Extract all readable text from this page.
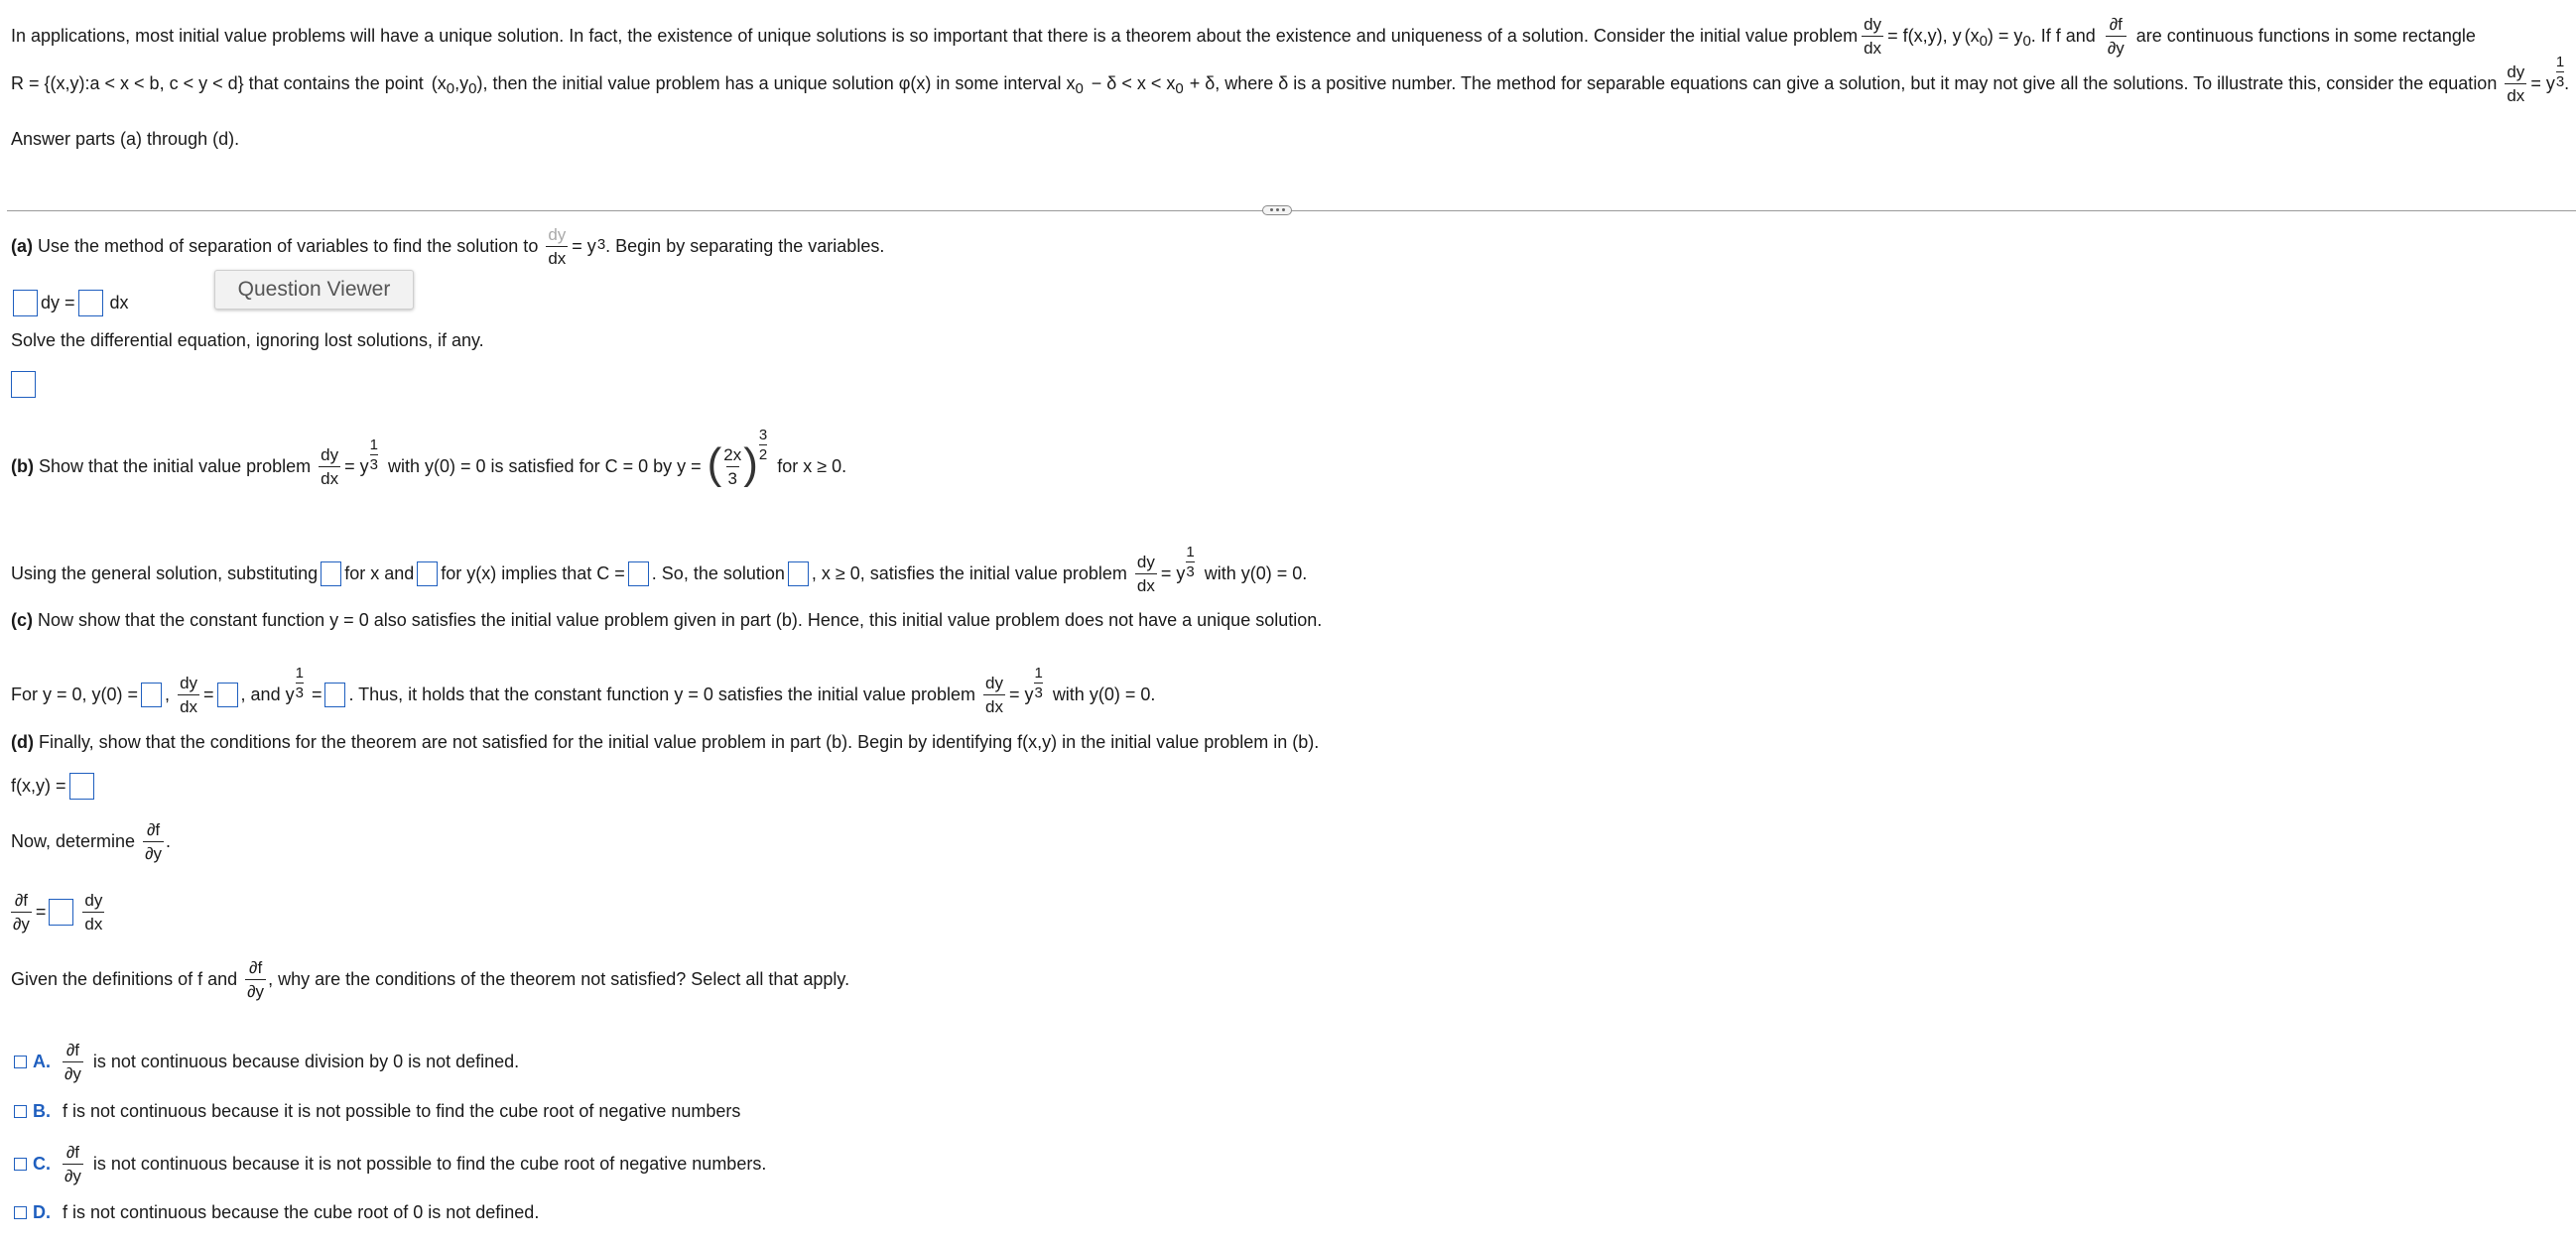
In applications, most initial value problems will have a unique solution. In fact, the existence of unique solutions is so important that there is a theorem about the existence and uniqueness of a solution. Consider the initial value problem $\frac{dy}{dx} = f(x,y)$, y (x 0 ) = y 0 . If f and $\frac{\partial f}{\partial y}$ are continuous functions in some rectangle
R = {(x,y):a < x < b, c < y < d} that contains the point (x 0 ,y 0 ) , then the initial value problem has a unique solution φ(x) in some interval x 0 − δ < x < x 0 + δ, where δ is a positive number. The method for separable equations can give a solution, but it may not give all the solutions. To illustrate this, consider the equation $\frac{dy}{dx} = y \frac{1}{3}$ .
Answer parts (a) through (d).
(a)
Use the method of separation of variables to find the solution to $\frac{dy}{dx} = y$ 3 . Begin by separating the variables.
Question Viewer
dy = dx
Solve the differential equation, ignoring lost solutions, if any.
(b)
Show that the initial value problem $\frac{dy}{dx} = y \frac{1}{3}$ with y(0) = 0 is satisfied for C = 0 by y = ( $\frac{2x}{3}$ ) $\frac{3}{2}$
for x ≥ 0.
Using the general solution, substituting for x and for y(x) implies that C = . So, the solution , x ≥ 0, satisfies the initial value problem $\frac{dy}{dx} = y \frac{1}{3}$ with y(0) = 0.
(c)
Now show that the constant function y = 0 also satisfies the initial value problem given in part (b). Hence, this initial value problem does not have a unique solution.
For y = 0, y(0) = , $\frac{dy}{dx}$ = , and y $\frac{1}{3}$ = . Thus, it holds that the constant function y = 0 satisfies the initial value problem $\frac{dy}{dx} = y \frac{1}{3}$ with y(0) = 0.
(d)
Finally, show that the conditions for the theorem are not satisfied for the initial value problem in part (b). Begin by identifying f(x,y) in the initial value problem in (b).
f(x,y) =
Now, determine $\frac{\partial f}{\partial y}$ .
$\frac{\partial f}{\partial y} = \frac{dy}{dx}$
Given the definitions of f and $\frac{\partial f}{\partial y}$ , why are the conditions of the theorem not satisfied? Select all that apply.
A. $\frac{\partial f}{\partial y}$ is not continuous because division by 0 is not defined.
B. f is not continuous because it is not possible to find the cube root of negative numbers
C. $\frac{\partial f}{\partial y}$ is not continuous because it is not possible to find the cube root of negative numbers.
D. f is not continuous because the cube root of 0 is not defined.
